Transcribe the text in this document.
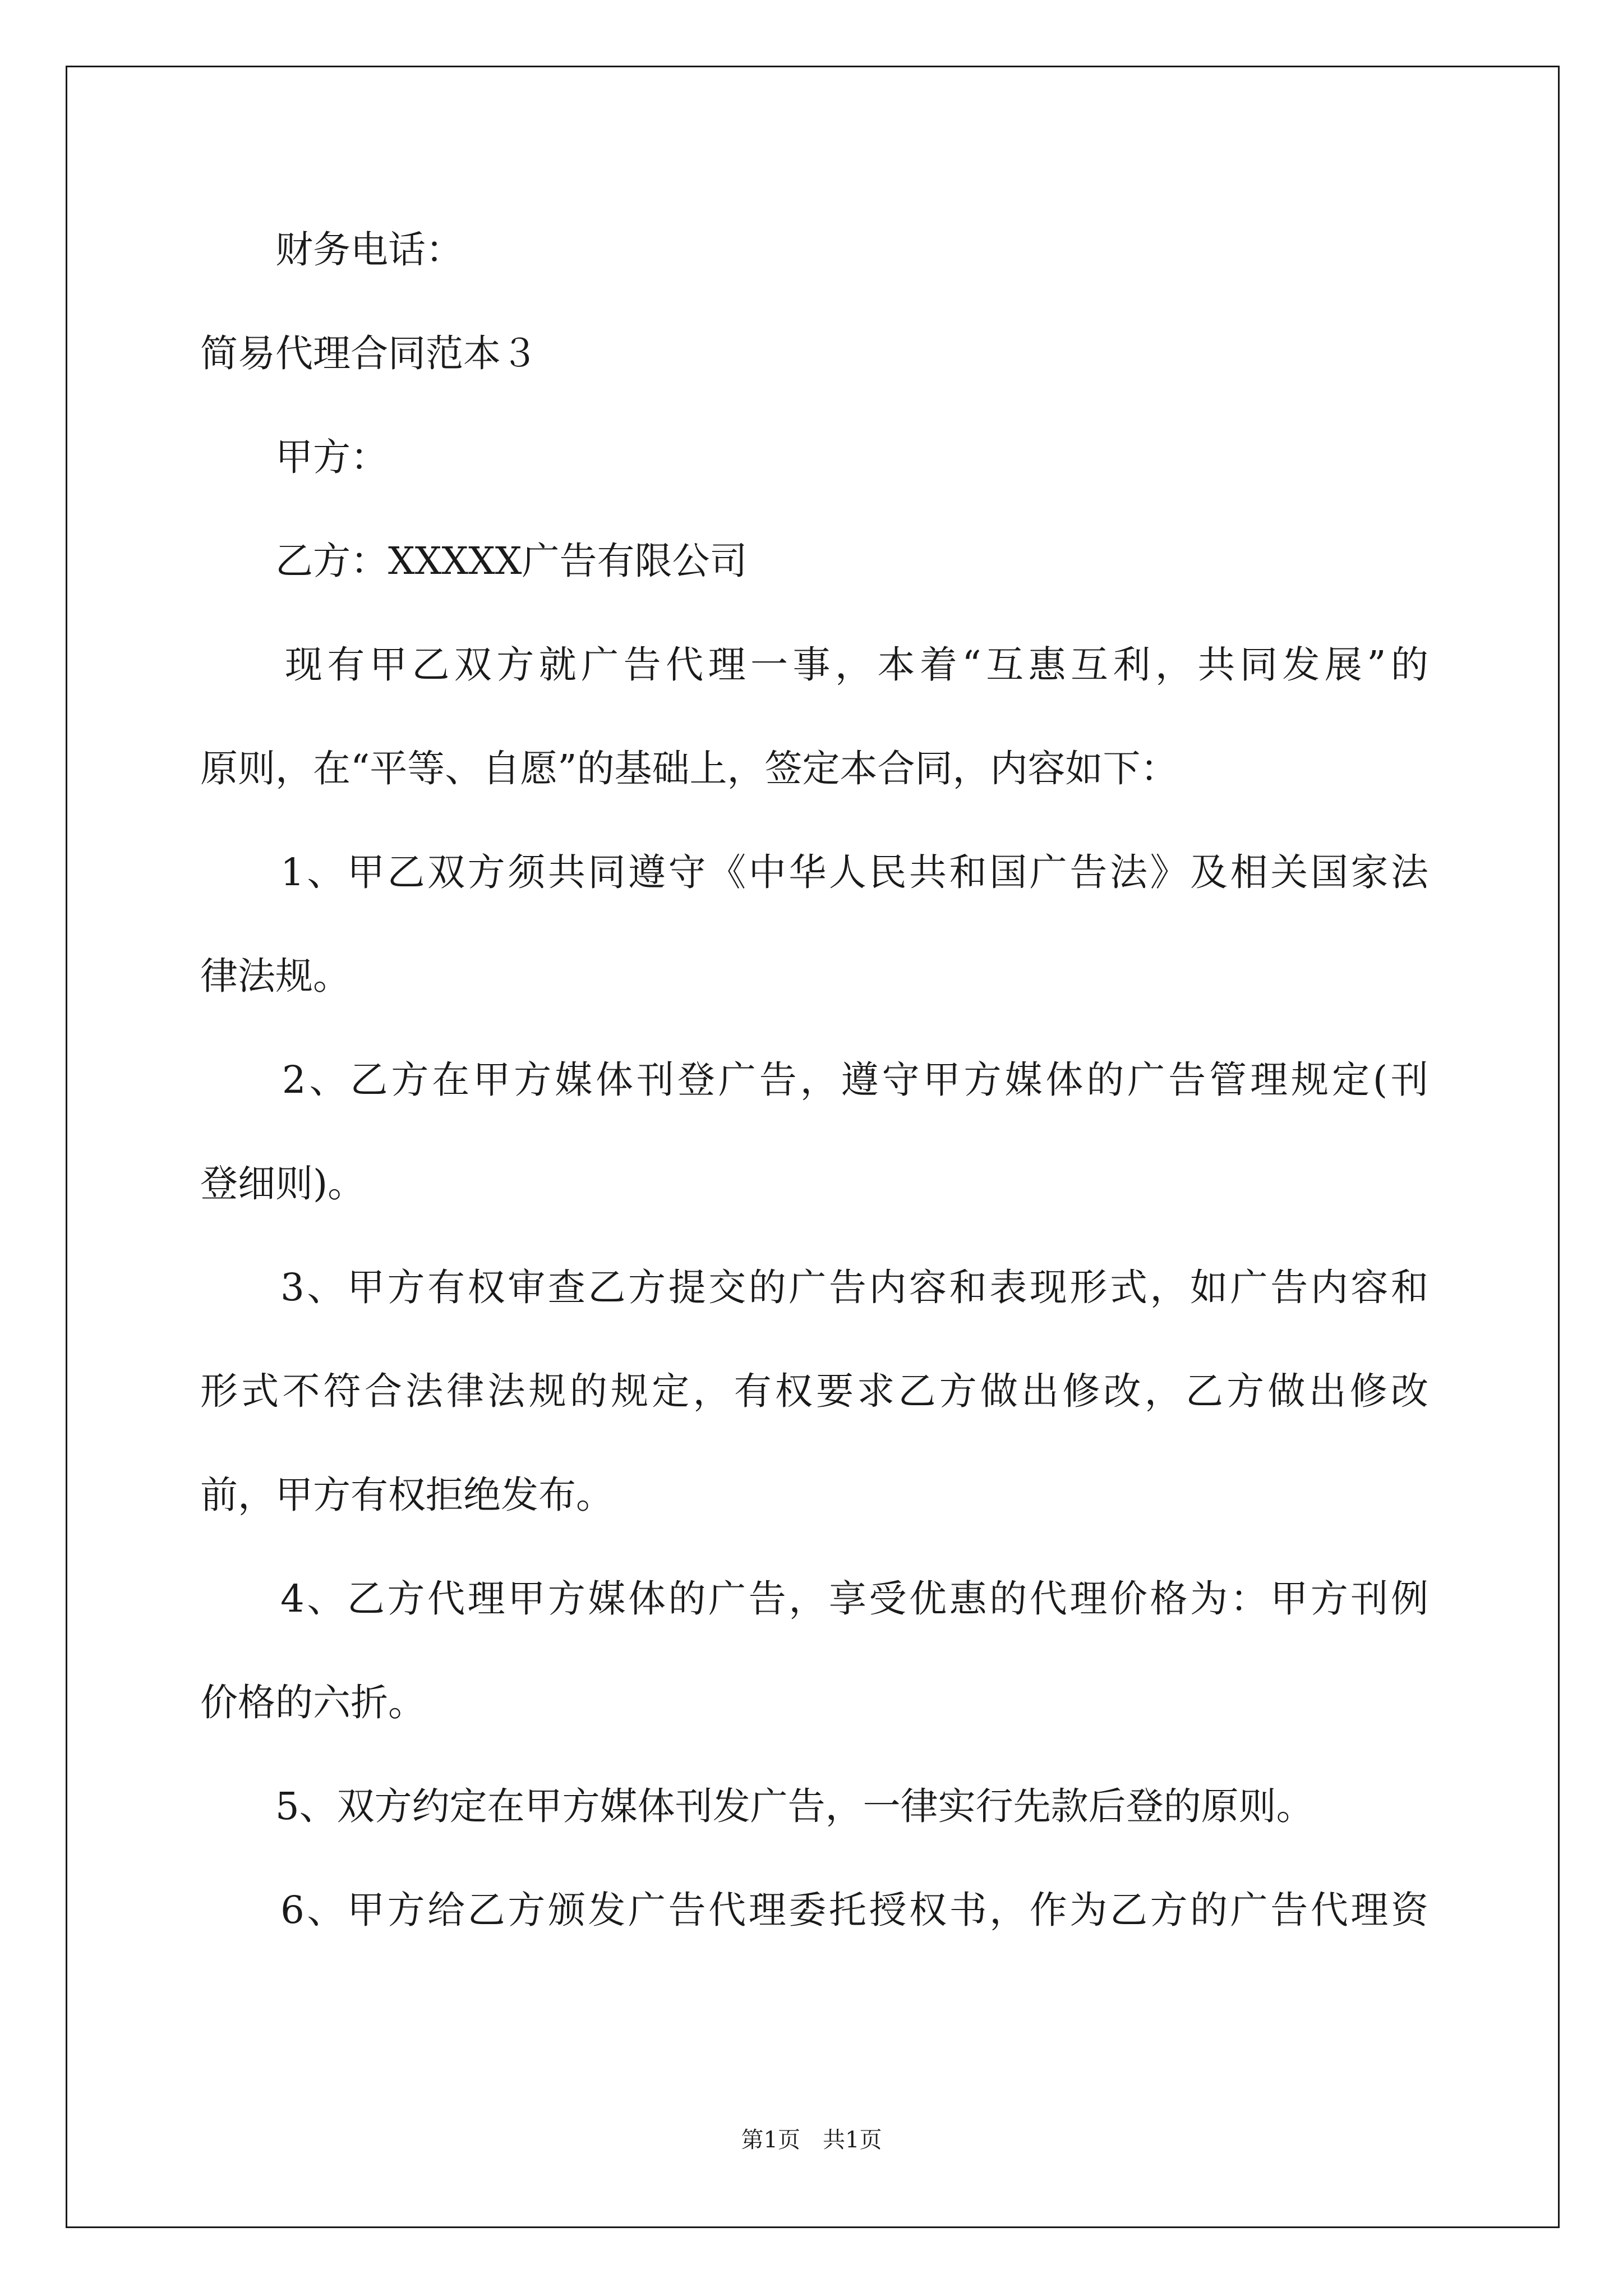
　　财务电话：

简易代理合同范本３

　　甲方：

　　乙方：XXXXX广告有限公司

　　现有甲乙双方就广告代理一事，本着“互惠互利，共同发展”的

原则，在“平等、自愿”的基础上，签定本合同，内容如下：

　　1、甲乙双方须共同遵守《中华人民共和国广告法》及相关国家法

律法规。

　　2、乙方在甲方媒体刊登广告，遵守甲方媒体的广告管理规定(刊

登细则)。

　　3、甲方有权审查乙方提交的广告内容和表现形式，如广告内容和

形式不符合法律法规的规定，有权要求乙方做出修改，乙方做出修改

前，甲方有权拒绝发布。

　　4、乙方代理甲方媒体的广告，享受优惠的代理价格为：甲方刊例

价格的六折。

　　5、双方约定在甲方媒体刊发广告，一律实行先款后登的原则。

　　6、甲方给乙方颁发广告代理委托授权书，作为乙方的广告代理资

第1页　共1页
